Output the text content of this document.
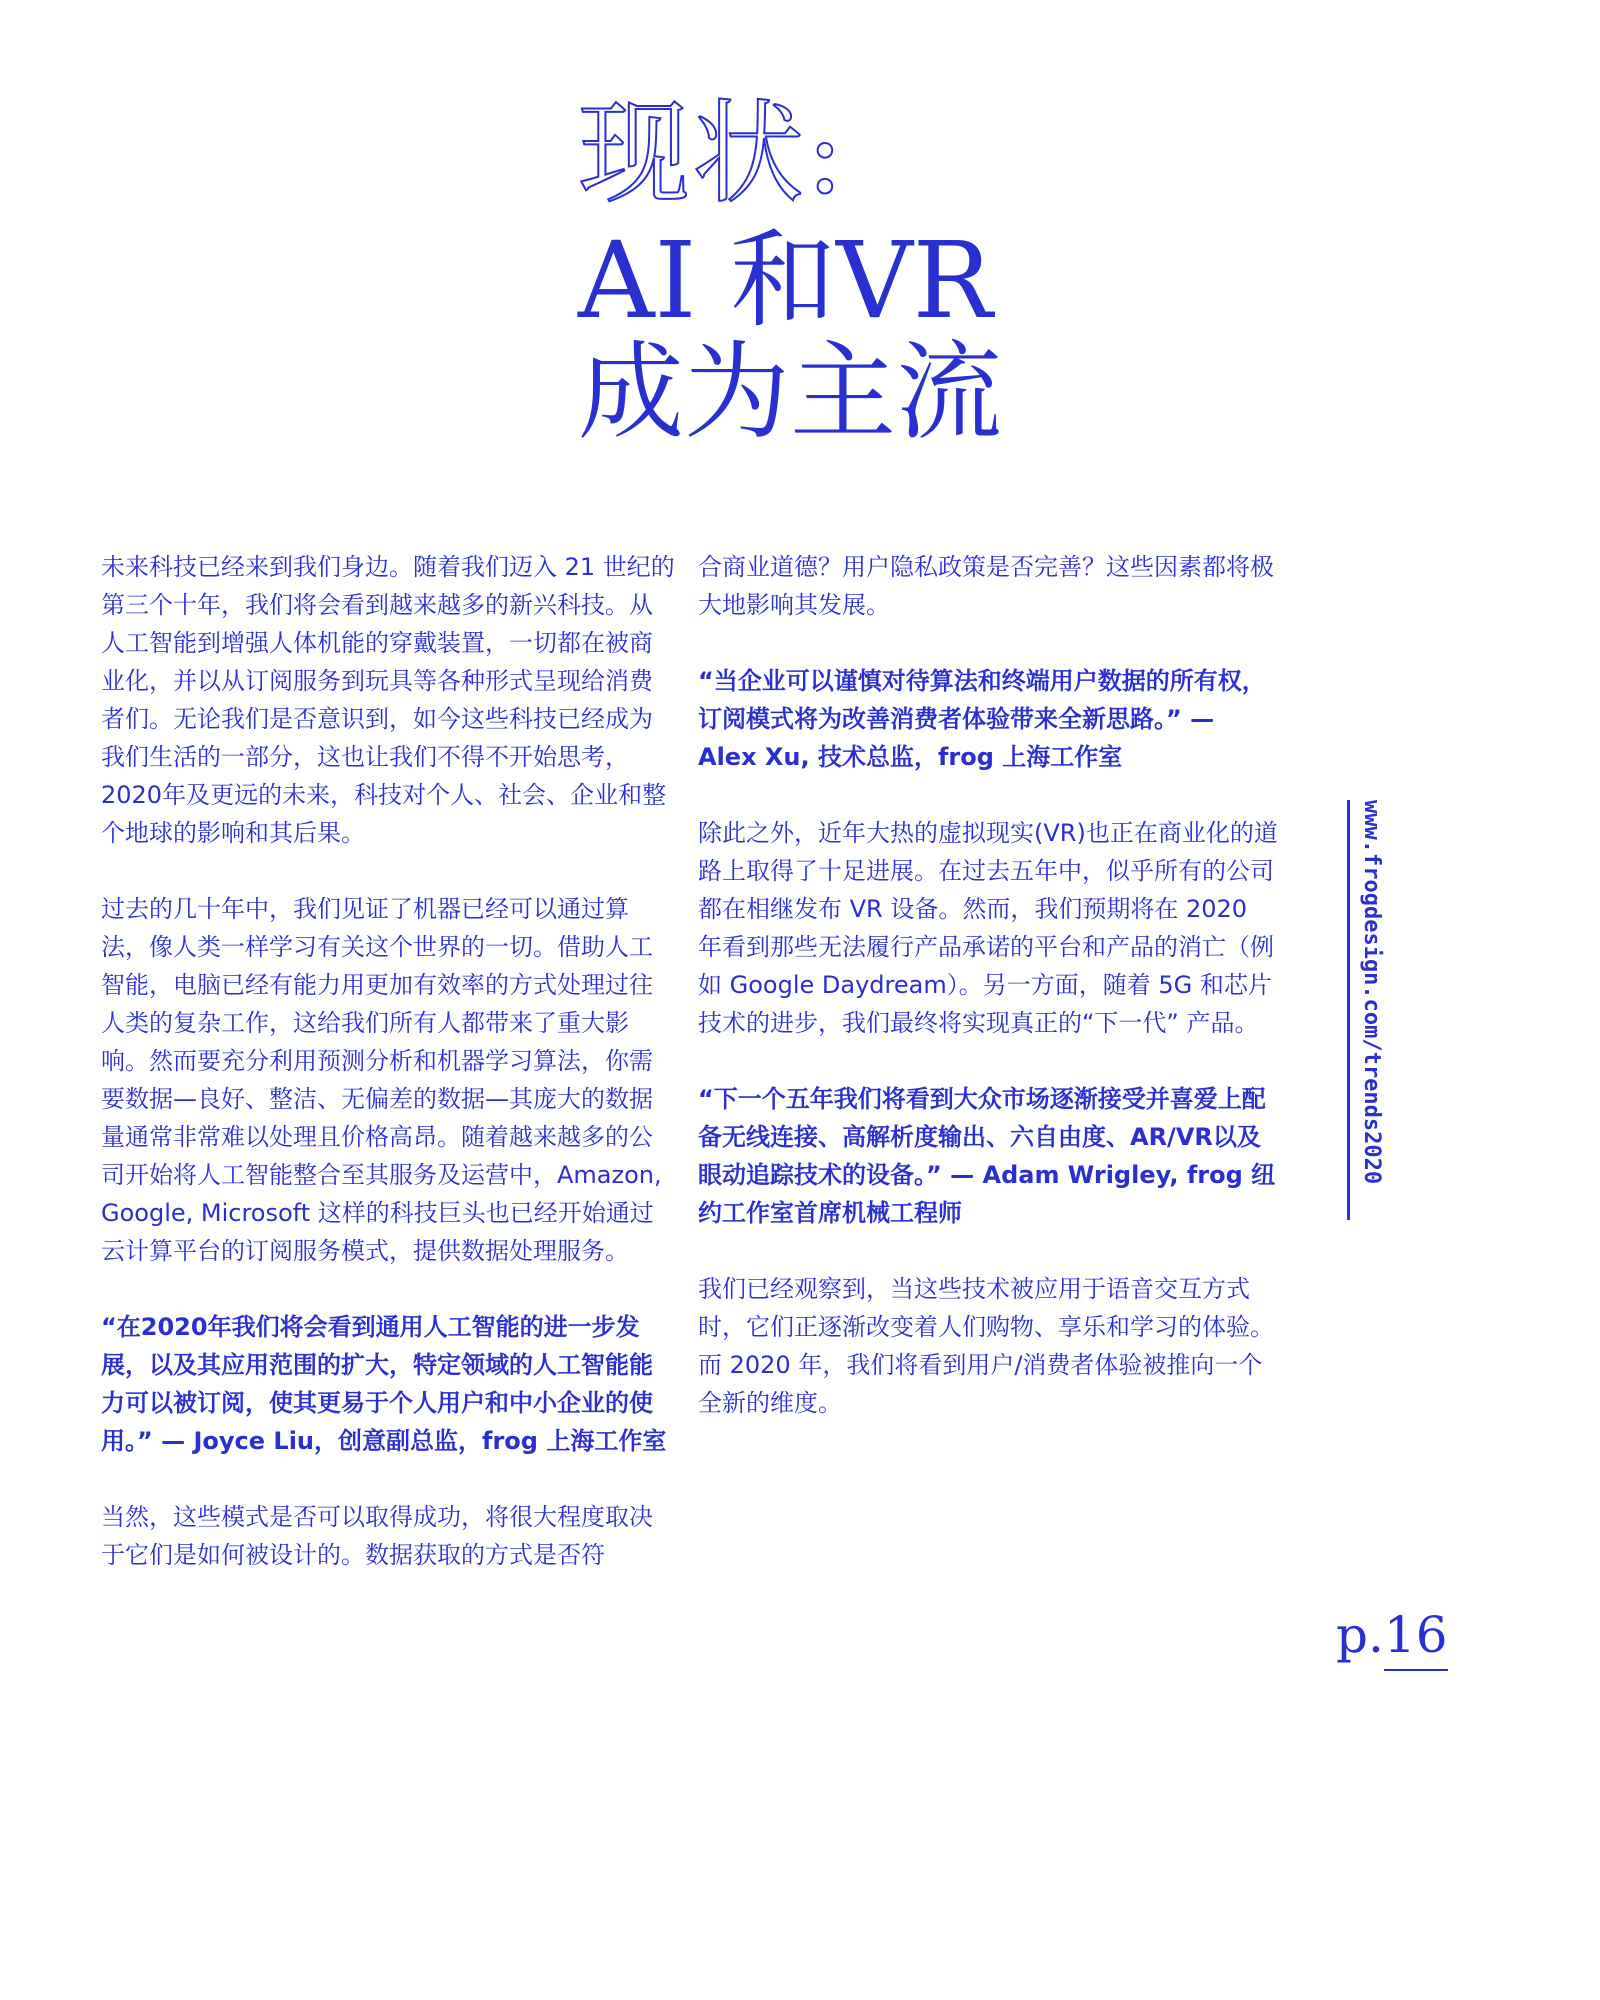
现状:
AI 和VR
成为主流

未来科技已经来到我们身边。随着我们迈入 21 世纪的第三个十年，我们将会看到越来越多的新兴科技。从人工智能到增强人体机能的穿戴装置，一切都在被商业化，并以从订阅服务到玩具等各种形式呈现给消费者们。无论我们是否意识到，如今这些科技已经成为我们生活的一部分，这也让我们不得不开始思考，2020年及更远的未来，科技对个人、社会、企业和整个地球的影响和其后果。

过去的几十年中，我们见证了机器已经可以通过算法，像人类一样学习有关这个世界的一切。借助人工智能，电脑已经有能力用更加有效率的方式处理过往人类的复杂工作，这给我们所有人都带来了重大影响。然而要充分利用预测分析和机器学习算法，你需要数据—良好、整洁、无偏差的数据—其庞大的数据量通常非常难以处理且价格高昂。随着越来越多的公司开始将人工智能整合至其服务及运营中，Amazon, Google, Microsoft 这样的科技巨头也已经开始通过云计算平台的订阅服务模式，提供数据处理服务。

“在2020年我们将会看到通用人工智能的进一步发展，以及其应用范围的扩大，特定领域的人工智能能力可以被订阅，使其更易于个人用户和中小企业的使用。” — Joyce Liu，创意副总监，frog 上海工作室

当然，这些模式是否可以取得成功，将很大程度取决于它们是如何被设计的。数据获取的方式是否符

合商业道德？用户隐私政策是否完善？这些因素都将极大地影响其发展。

“当企业可以谨慎对待算法和终端用户数据的所有权，订阅模式将为改善消费者体验带来全新思路。” — Alex Xu, 技术总监，frog 上海工作室

除此之外，近年大热的虚拟现实(VR)也正在商业化的道路上取得了十足进展。在过去五年中，似乎所有的公司都在相继发布 VR 设备。然而，我们预期将在 2020 年看到那些无法履行产品承诺的平台和产品的消亡（例如 Google Daydream）。另一方面，随着 5G 和芯片技术的进步，我们最终将实现真正的“下一代” 产品。

“下一个五年我们将看到大众市场逐渐接受并喜爱上配备无线连接、高解析度输出、六自由度、AR/VR以及眼动追踪技术的设备。” — Adam Wrigley, frog 纽约工作室首席机械工程师

我们已经观察到，当这些技术被应用于语音交互方式时，它们正逐渐改变着人们购物、享乐和学习的体验。而 2020 年，我们将看到用户/消费者体验被推向一个全新的维度。

www.frogdesign.com/trends2020
p.16
